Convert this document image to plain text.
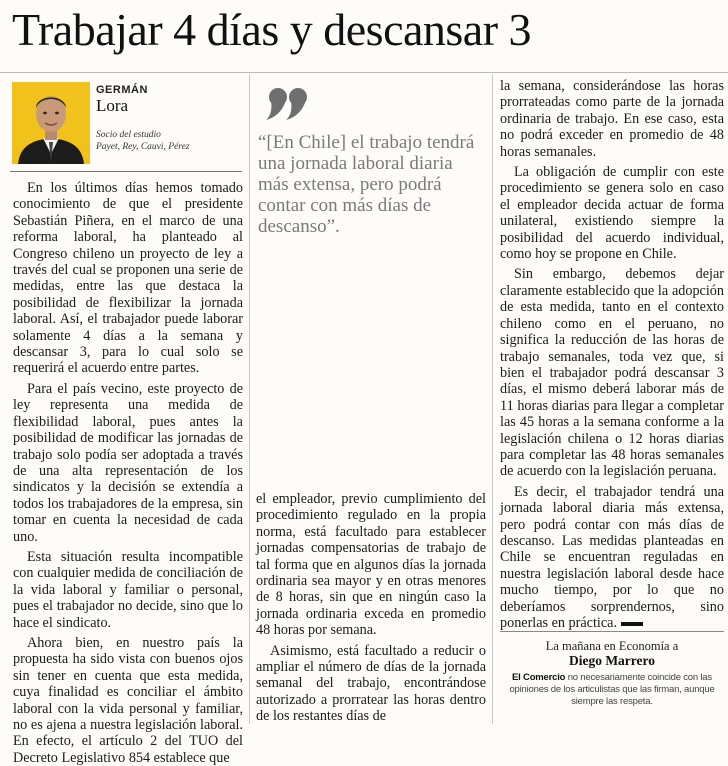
Trabajar 4 días y descansar 3
GERMÁN
Lora
Socio del estudio
Payet, Rey, Cauvi, Pérez

En los últimos días hemos tomado conocimiento de que el presidente Sebastián Piñera, en el marco de una reforma laboral, ha planteado al Congreso chileno un proyecto de ley a través del cual se proponen una serie de medidas, entre las que destaca la posibilidad de flexibilizar la jornada laboral. Así, el trabajador puede laborar solamente 4 días a la semana y descansar 3, para lo cual solo se requerirá el acuerdo entre partes.

Para el país vecino, este proyecto de ley representa una medida de flexibilidad laboral, pues antes la posibilidad de modificar las jornadas de trabajo solo podía ser adoptada a través de una alta representación de los sindicatos y la decisión se extendía a todos los trabajadores de la empresa, sin tomar en cuenta la necesidad de cada uno.

Esta situación resulta incompatible con cualquier medida de conciliación de la vida laboral y familiar o personal, pues el trabajador no decide, sino que lo hace el sindicato.

Ahora bien, en nuestro país la propuesta ha sido vista con buenos ojos sin tener en cuenta que esta medida, cuya finalidad es conciliar el ámbito laboral con la vida personal y familiar, no es ajena a nuestra legislación laboral. En efecto, el artículo 2 del TUO del Decreto Legislativo 854 establece que

“[En Chile] el trabajo tendrá una jornada laboral diaria más extensa, pero podrá contar con más días de descanso”.

el empleador, previo cumplimiento del procedimiento regulado en la propia norma, está facultado para establecer jornadas compensatorias de trabajo de tal forma que en algunos días la jornada ordinaria sea mayor y en otras menores de 8 horas, sin que en ningún caso la jornada ordinaria exceda en promedio 48 horas por semana.

Asimismo, está facultado a reducir o ampliar el número de días de la jornada semanal del trabajo, encontrándose autorizado a prorratear las horas dentro de los restantes días de

la semana, considerándose las horas prorrateadas como parte de la jornada ordinaria de trabajo. En ese caso, esta no podrá exceder en promedio de 48 horas semanales.

La obligación de cumplir con este procedimiento se genera solo en caso el empleador decida actuar de forma unilateral, existiendo siempre la posibilidad del acuerdo individual, como hoy se propone en Chile.

Sin embargo, debemos dejar claramente establecido que la adopción de esta medida, tanto en el contexto chileno como en el peruano, no significa la reducción de las horas de trabajo semanales, toda vez que, si bien el trabajador podrá descansar 3 días, el mismo deberá laborar más de 11 horas diarias para llegar a completar las 45 horas a la semana conforme a la legislación chilena o 12 horas diarias para completar las 48 horas semanales de acuerdo con la legislación peruana.

Es decir, el trabajador tendrá una jornada laboral diaria más extensa, pero podrá contar con más días de descanso. Las medidas planteadas en Chile se encuentran reguladas en nuestra legislación laboral desde hace mucho tiempo, por lo que no deberíamos sorprendernos, sino ponerlas en práctica.

La mañana en Economía a
Diego Marrero
El Comercio no necesariamente coincide con las opiniones de los articulistas que las firman, aunque siempre las respeta.
